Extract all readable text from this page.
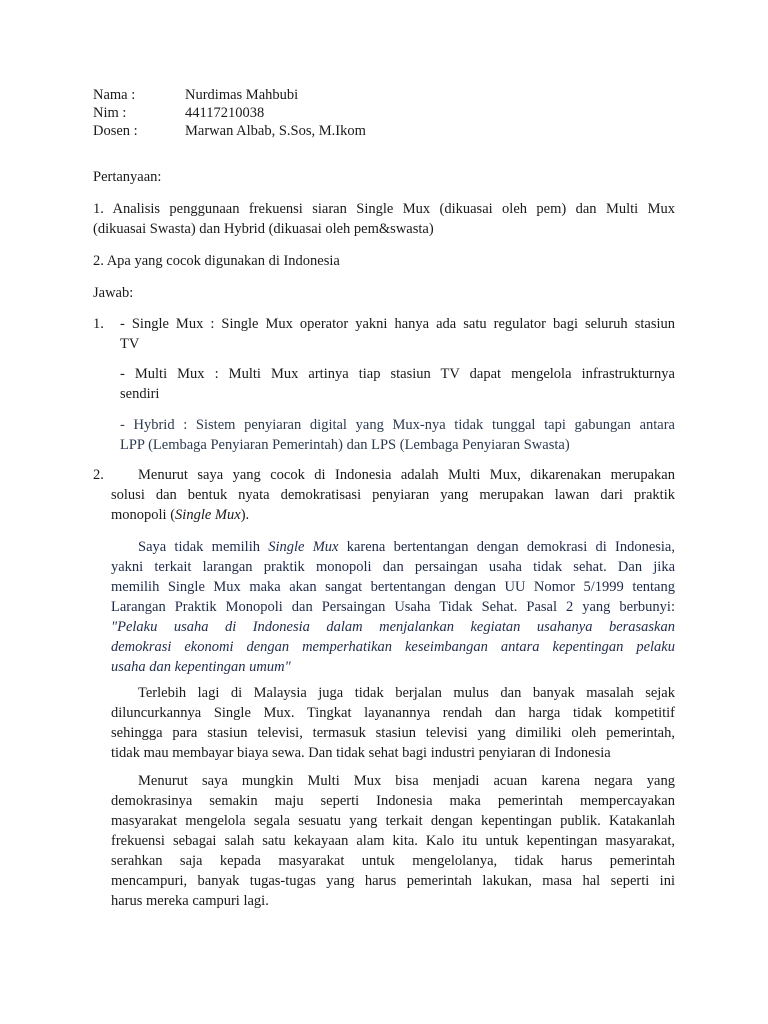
Nama :	Nurdimas Mahbubi
Nim :	44117210038
Dosen :	Marwan Albab, S.Sos, M.Ikom
Pertanyaan:
1. Analisis penggunaan frekuensi siaran Single Mux (dikuasai oleh pem) dan Multi Mux
(dikuasai Swasta) dan Hybrid (dikuasai oleh pem&swasta)
2. Apa yang cocok digunakan di Indonesia
Jawab:
1. - Single Mux : Single Mux operator yakni hanya ada satu regulator bagi seluruh stasiun
TV
- Multi Mux : Multi Mux artinya tiap stasiun TV dapat mengelola infrastrukturnya
sendiri
- Hybrid : Sistem penyiaran digital yang Mux-nya tidak tunggal tapi gabungan antara
LPP (Lembaga Penyiaran Pemerintah) dan LPS (Lembaga Penyiaran Swasta)
2.	Menurut saya yang cocok di Indonesia adalah Multi Mux, dikarenakan merupakan
solusi dan bentuk nyata demokratisasi penyiaran yang merupakan lawan dari praktik
monopoli (Single Mux).
Saya tidak memilih Single Mux karena bertentangan dengan demokrasi di Indonesia,
yakni terkait larangan praktik monopoli dan persaingan usaha tidak sehat. Dan jika
memilih Single Mux maka akan sangat bertentangan dengan UU Nomor 5/1999 tentang
Larangan Praktik Monopoli dan Persaingan Usaha Tidak Sehat. Pasal 2 yang berbunyi:
"Pelaku usaha di Indonesia dalam menjalankan kegiatan usahanya berasaskan
demokrasi ekonomi dengan memperhatikan keseimbangan antara kepentingan pelaku
usaha dan kepentingan umum"
Terlebih lagi di Malaysia juga tidak berjalan mulus dan banyak masalah sejak
diluncurkannya Single Mux. Tingkat layanannya rendah dan harga tidak kompetitif
sehingga para stasiun televisi, termasuk stasiun televisi yang dimiliki oleh pemerintah,
tidak mau membayar biaya sewa. Dan tidak sehat bagi industri penyiaran di Indonesia
Menurut saya mungkin Multi Mux bisa menjadi acuan karena negara yang
demokrasinya semakin maju seperti Indonesia maka pemerintah mempercayakan
masyarakat mengelola segala sesuatu yang terkait dengan kepentingan publik. Katakanlah
frekuensi sebagai salah satu kekayaan alam kita. Kalo itu untuk kepentingan masyarakat,
serahkan saja kepada masyarakat untuk mengelolanya, tidak harus pemerintah
mencampuri, banyak tugas-tugas yang harus pemerintah lakukan, masa hal seperti ini
harus mereka campuri lagi.
